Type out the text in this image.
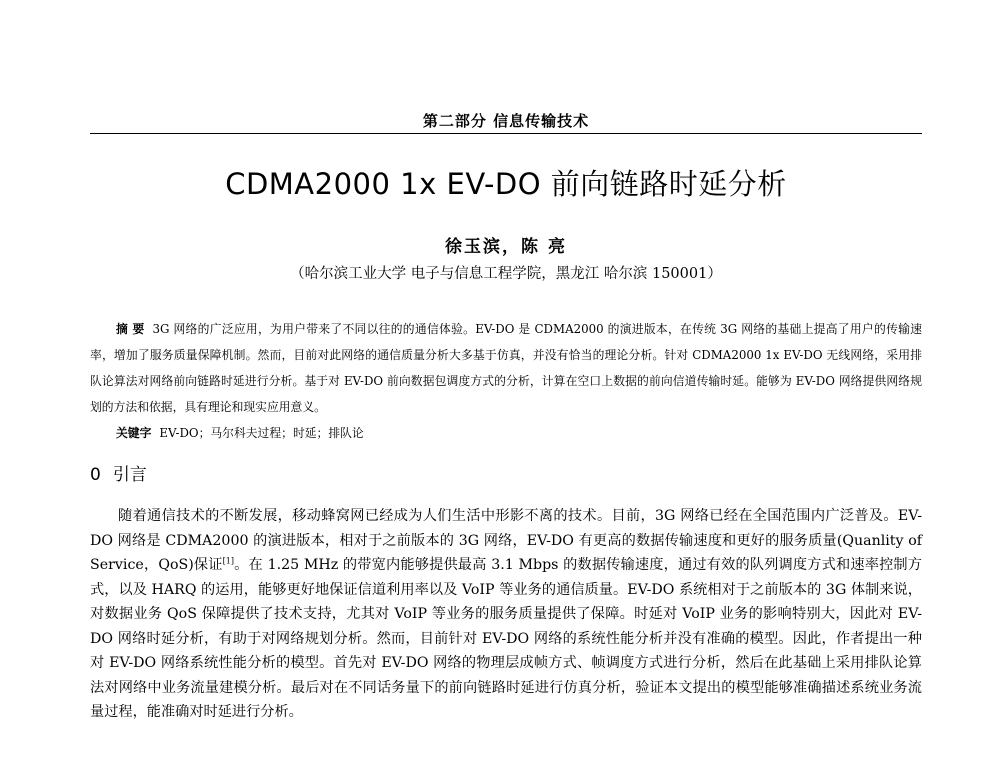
第二部分 信息传输技术
CDMA2000 1x EV-DO 前向链路时延分析
徐玉滨，陈 亮
（哈尔滨工业大学 电子与信息工程学院，黑龙江 哈尔滨 150001）
摘 要 3G 网络的广泛应用，为用户带来了不同以往的的通信体验。EV-DO 是 CDMA2000 的演进版本，在传统 3G 网络的基础上提高了用户的传输速率，增加了服务质量保障机制。然而，目前对此网络的通信质量分析大多基于仿真，并没有恰当的理论分析。针对 CDMA2000 1x EV-DO 无线网络，采用排队论算法对网络前向链路时延进行分析。基于对 EV-DO 前向数据包调度方式的分析，计算在空口上数据的前向信道传输时延。能够为 EV-DO 网络提供网络规划的方法和依据，具有理论和现实应用意义。
关键字 EV-DO；马尔科夫过程；时延；排队论
0 引言
随着通信技术的不断发展，移动蜂窝网已经成为人们生活中形影不离的技术。目前，3G 网络已经在全国范围内广泛普及。EV-DO 网络是 CDMA2000 的演进版本，相对于之前版本的 3G 网络，EV-DO 有更高的数据传输速度和更好的服务质量(Quanlity of Service，QoS)保证[1]。在 1.25 MHz 的带宽内能够提供最高 3.1 Mbps 的数据传输速度，通过有效的队列调度方式和速率控制方式，以及 HARQ 的运用，能够更好地保证信道利用率以及 VoIP 等业务的通信质量。EV-DO 系统相对于之前版本的 3G 体制来说，对数据业务 QoS 保障提供了技术支持，尤其对 VoIP 等业务的服务质量提供了保障。时延对 VoIP 业务的影响特别大，因此对 EV-DO 网络时延分析，有助于对网络规划分析。然而，目前针对 EV-DO 网络的系统性能分析并没有准确的模型。因此，作者提出一种对 EV-DO 网络系统性能分析的模型。首先对 EV-DO 网络的物理层成帧方式、帧调度方式进行分析，然后在此基础上采用排队论算法对网络中业务流量建模分析。最后对在不同话务量下的前向链路时延进行仿真分析，验证本文提出的模型能够准确描述系统业务流量过程，能准确对时延进行分析。
